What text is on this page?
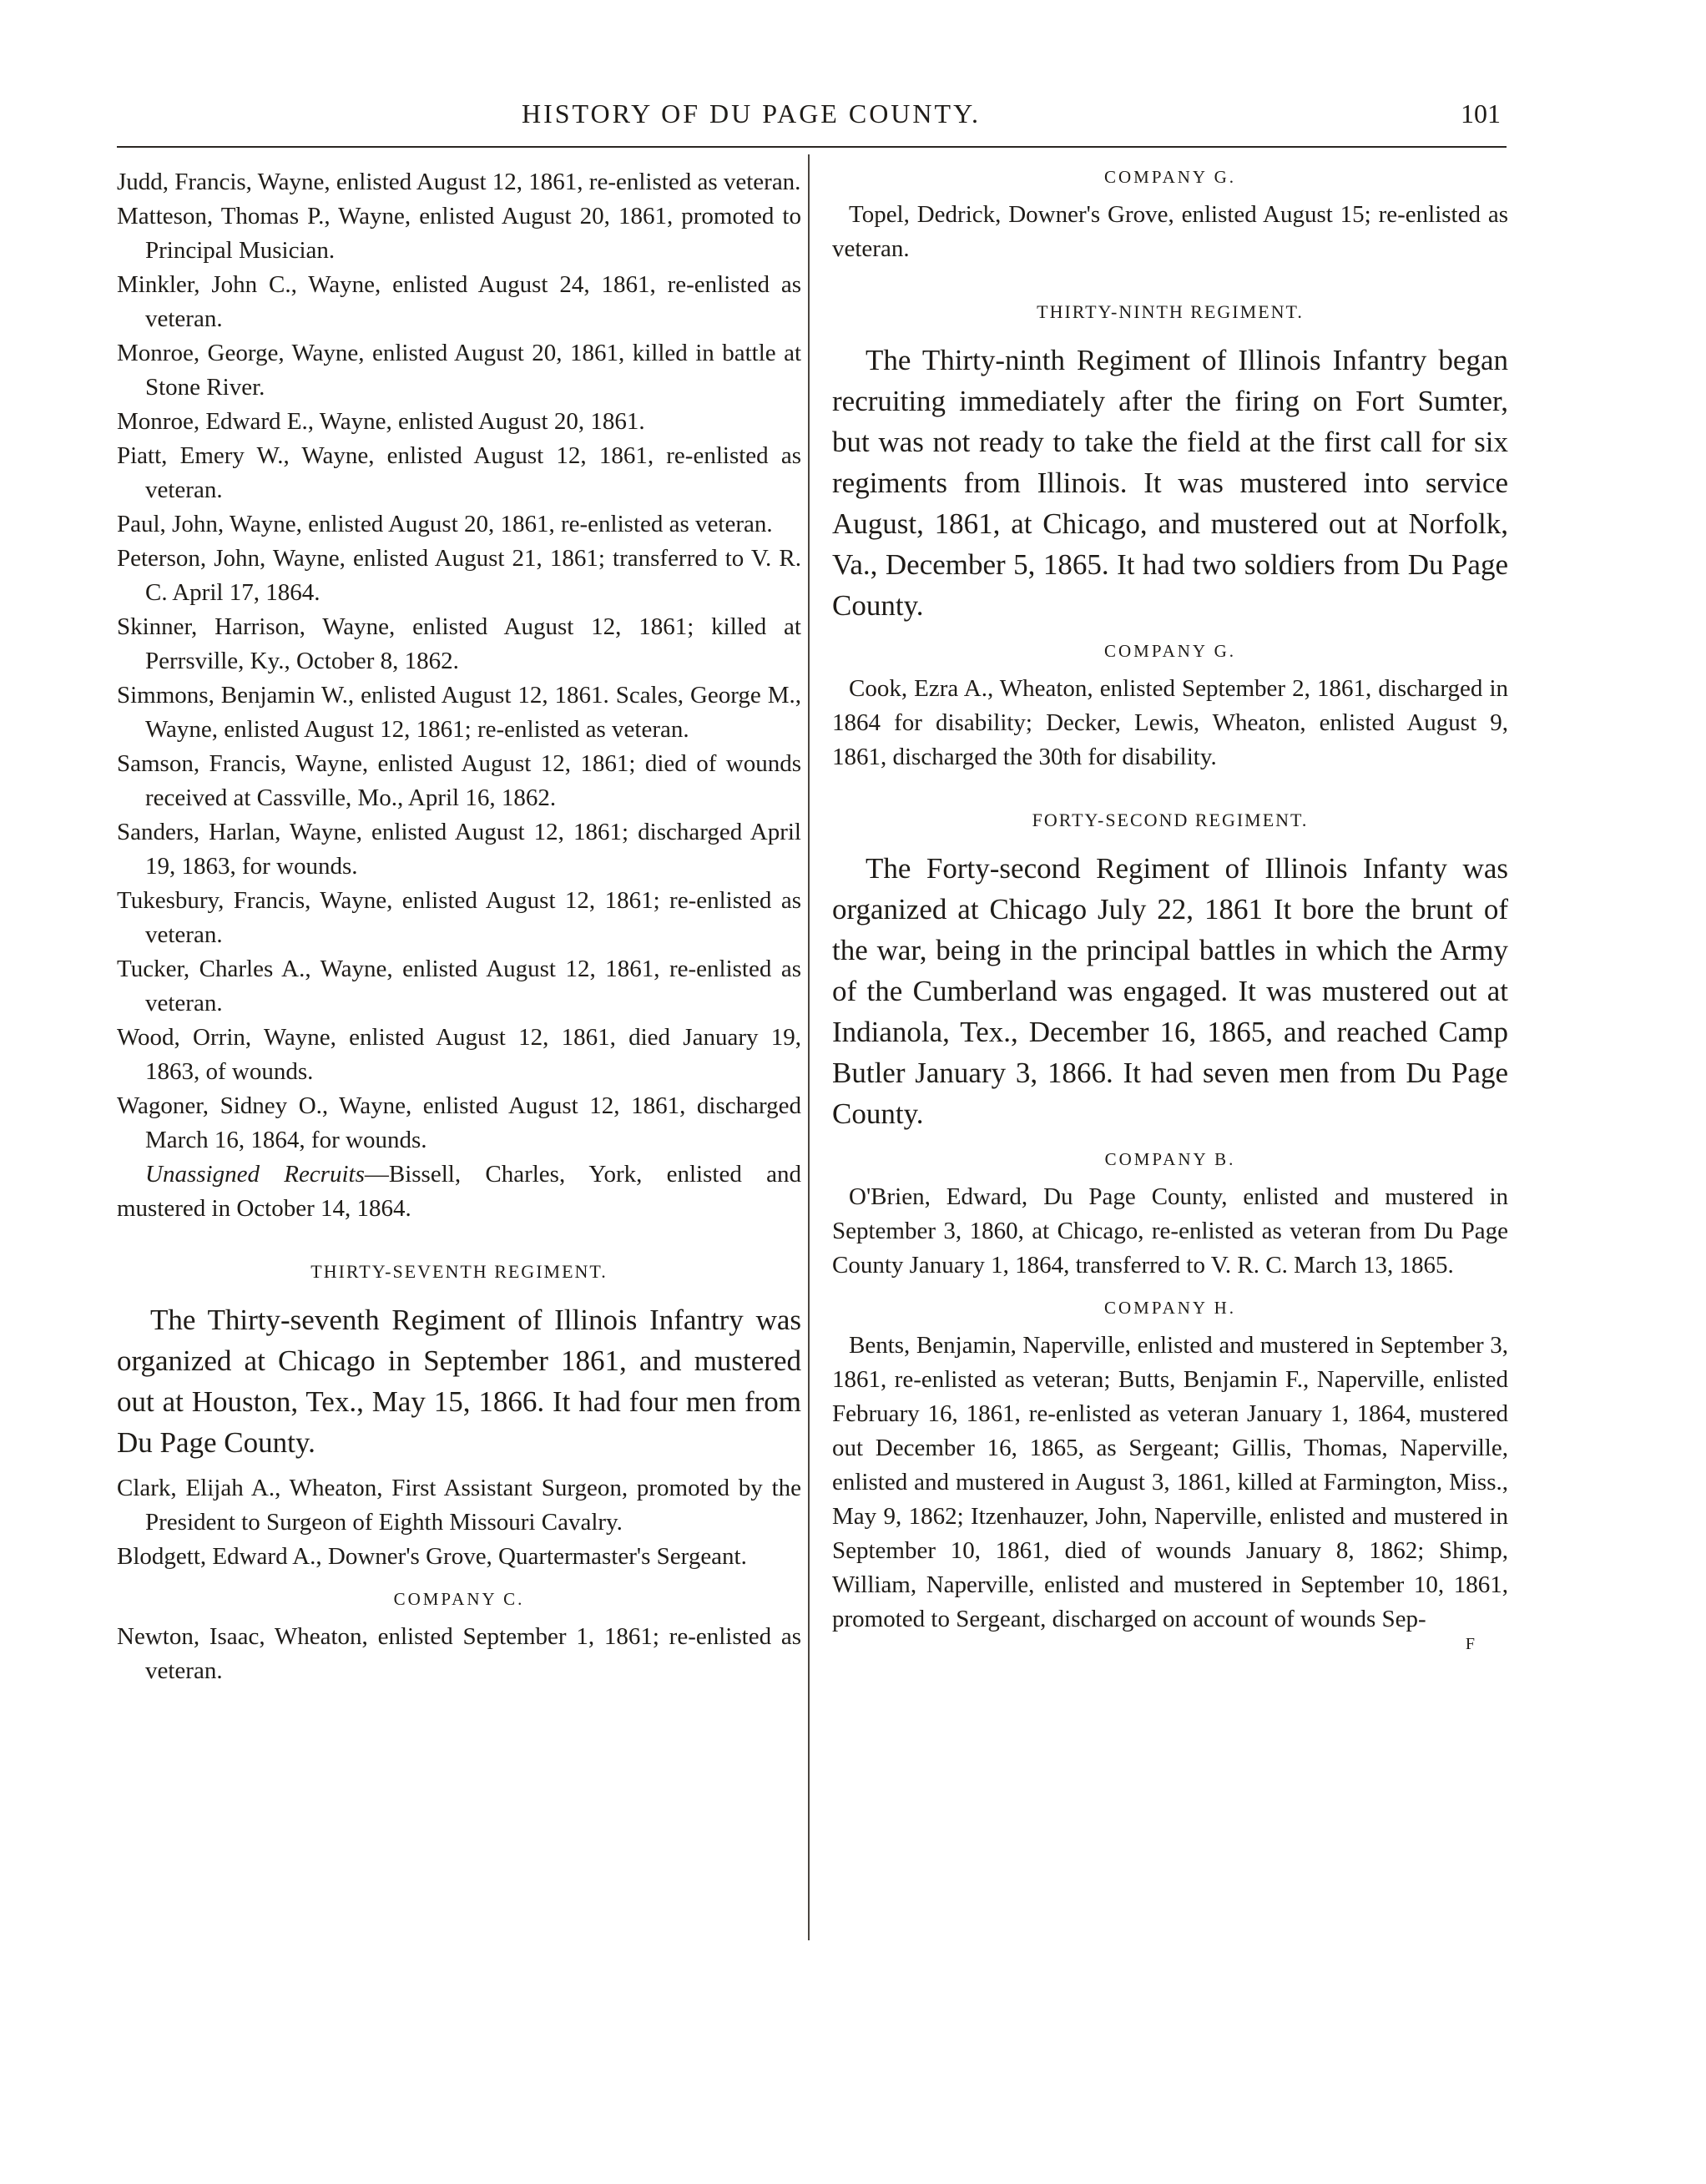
HISTORY OF DU PAGE COUNTY.	101

Judd, Francis, Wayne, enlisted August 12, 1861, re-enlisted as veteran.

Matteson, Thomas P., Wayne, enlisted August 20, 1861, promoted to Principal Musician.

Minkler, John C., Wayne, enlisted August 24, 1861, re-enlisted as veteran.

Monroe, George, Wayne, enlisted August 20, 1861, killed in battle at Stone River.

Monroe, Edward E., Wayne, enlisted August 20, 1861.

Piatt, Emery W., Wayne, enlisted August 12, 1861, re-enlisted as veteran.

Paul, John, Wayne, enlisted August 20, 1861, re-enlisted as veteran.

Peterson, John, Wayne, enlisted August 21, 1861; transferred to V. R. C. April 17, 1864.

Skinner, Harrison, Wayne, enlisted August 12, 1861; killed at Perrsville, Ky., October 8, 1862.

Simmons, Benjamin W., enlisted August 12, 1861. Scales, George M., Wayne, enlisted August 12, 1861; re-enlisted as veteran.

Samson, Francis, Wayne, enlisted August 12, 1861; died of wounds received at Cassville, Mo., April 16, 1862.

Sanders, Harlan, Wayne, enlisted August 12, 1861; discharged April 19, 1863, for wounds.

Tukesbury, Francis, Wayne, enlisted August 12, 1861; re-enlisted as veteran.

Tucker, Charles A., Wayne, enlisted August 12, 1861, re-enlisted as veteran.

Wood, Orrin, Wayne, enlisted August 12, 1861, died January 19, 1863, of wounds.

Wagoner, Sidney O., Wayne, enlisted August 12, 1861, discharged March 16, 1864, for wounds.

Unassigned Recruits—Bissell, Charles, York, enlisted and mustered in October 14, 1864.

THIRTY-SEVENTH REGIMENT.

The Thirty-seventh Regiment of Illinois Infantry was organized at Chicago in September 1861, and mustered out at Houston, Tex., May 15, 1866. It had four men from Du Page County.

Clark, Elijah A., Wheaton, First Assistant Surgeon, promoted by the President to Surgeon of Eighth Missouri Cavalry.

Blodgett, Edward A., Downer's Grove, Quartermaster's Sergeant.

COMPANY C.

Newton, Isaac, Wheaton, enlisted September 1, 1861; re-enlisted as veteran.

COMPANY G.

Topel, Dedrick, Downer's Grove, enlisted August 15; re-enlisted as veteran.

THIRTY-NINTH REGIMENT.

The Thirty-ninth Regiment of Illinois Infantry began recruiting immediately after the firing on Fort Sumter, but was not ready to take the field at the first call for six regiments from Illinois. It was mustered into service August, 1861, at Chicago, and mustered out at Norfolk, Va., December 5, 1865. It had two soldiers from Du Page County.

COMPANY G.

Cook, Ezra A., Wheaton, enlisted September 2, 1861, discharged in 1864 for disability; Decker, Lewis, Wheaton, enlisted August 9, 1861, discharged the 30th for disability.

FORTY-SECOND REGIMENT.

The Forty-second Regiment of Illinois Infanty was organized at Chicago July 22, 1861 It bore the brunt of the war, being in the principal battles in which the Army of the Cumberland was engaged. It was mustered out at Indianola, Tex., December 16, 1865, and reached Camp Butler January 3, 1866. It had seven men from Du Page County.

COMPANY B.

O'Brien, Edward, Du Page County, enlisted and mustered in September 3, 1860, at Chicago, re-enlisted as veteran from Du Page County January 1, 1864, transferred to V. R. C. March 13, 1865.

COMPANY H.

Bents, Benjamin, Naperville, enlisted and mustered in September 3, 1861, re-enlisted as veteran; Butts, Benjamin F., Naperville, enlisted February 16, 1861, re-enlisted as veteran January 1, 1864, mustered out December 16, 1865, as Sergeant; Gillis, Thomas, Naperville, enlisted and mustered in August 3, 1861, killed at Farmington, Miss., May 9, 1862; Itzenhauzer, John, Naperville, enlisted and mustered in September 10, 1861, died of wounds January 8, 1862; Shimp, William, Naperville, enlisted and mustered in September 10, 1861, promoted to Sergeant, discharged on account of wounds Sep-

F
